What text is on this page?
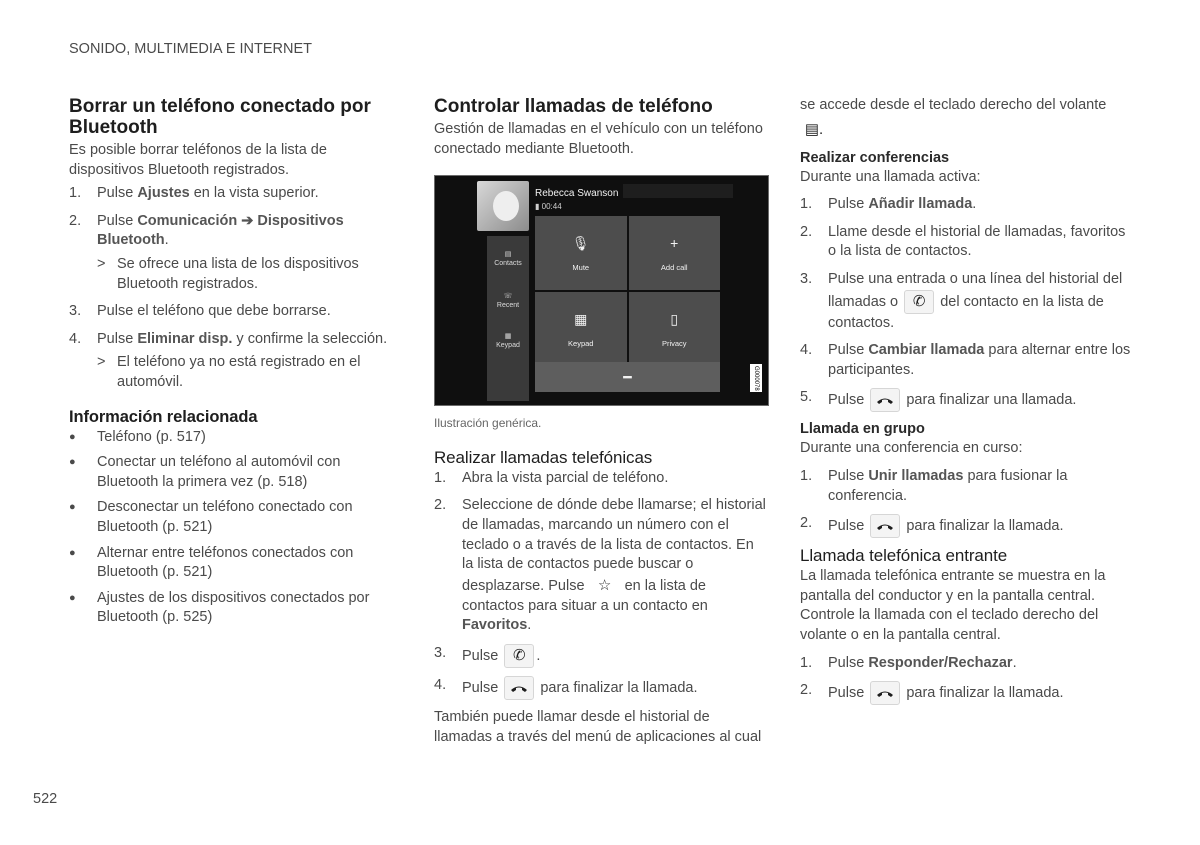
SONIDO, MULTIMEDIA E INTERNET
Borrar un teléfono conectado por Bluetooth

Es posible borrar teléfonos de la lista de dispositivos Bluetooth registrados.

1. Pulse Ajustes en la vista superior.
2. Pulse Comunicación ➔ Dispositivos Bluetooth.
> Se ofrece una lista de los dispositivos Bluetooth registrados.
3. Pulse el teléfono que debe borrarse.
4. Pulse Eliminar disp. y confirme la selección.
> El teléfono ya no está registrado en el automóvil.
Información relacionada
● Teléfono (p. 517)
● Conectar un teléfono al automóvil con Bluetooth la primera vez (p. 518)
● Desconectar un teléfono conectado con Bluetooth (p. 521)
● Alternar entre teléfonos conectados con Bluetooth (p. 521)
● Ajustes de los dispositivos conectados por Bluetooth (p. 525)
Controlar llamadas de teléfono

Gestión de llamadas en el vehículo con un teléfono conectado mediante Bluetooth.

Rebecca Swanson
▮ 00:44
▤
Contacts
☏
Recent
▦
Keypad
🎙
Mute
+
Add call
▦
Keypad
▯
Privacy
━	G000078
Ilustración genérica.
Realizar llamadas telefónicas
1. Abra la vista parcial de teléfono.
2. Seleccione de dónde debe llamarse; el historial de llamadas, marcando un número con el teclado o a través de la lista de contactos. En la lista de contactos puede buscar o desplazarse. Pulse ☆ en la lista de contactos para situar a un contacto en Favoritos.
3. Pulse ✆ .
4. Pulse	para finalizar la llamada.

También puede llamar desde el historial de llamadas a través del menú de aplicaciones al cual

se accede desde el teclado derecho del volante
▤.

Realizar conferencias

Durante una llamada activa:

1. Pulse Añadir llamada.
2. Llame desde el historial de llamadas, favoritos o la lista de contactos.
3. Pulse una entrada o una línea del historial del llamadas o ✆ del contacto en la lista de contactos.
4. Pulse Cambiar llamada para alternar entre los participantes.
5. Pulse	para finalizar una llamada.
Llamada en grupo

Durante una conferencia en curso:

1. Pulse Unir llamadas para fusionar la conferencia.
2. Pulse	para finalizar la llamada.
Llamada telefónica entrante

La llamada telefónica entrante se muestra en la pantalla del conductor y en la pantalla central. Controle la llamada con el teclado derecho del volante o en la pantalla central.

1. Pulse Responder/Rechazar.
2. Pulse	para finalizar la llamada.
522
